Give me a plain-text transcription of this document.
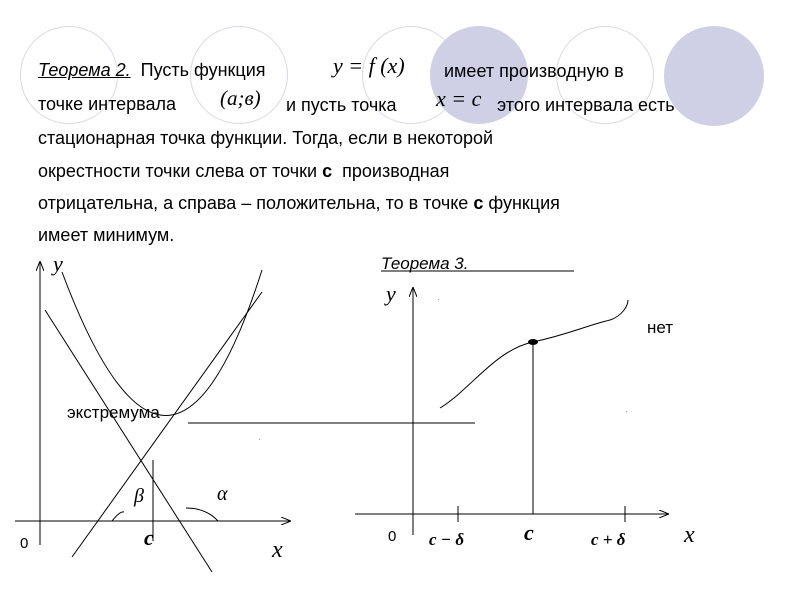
Теорема 2. Пусть функция	y = f (x) имеет производную в
точке интервала (a;в) и пусть точка x = c этого интервала есть
стационарная точка функции. Тогда, если в некоторой
окрестности точки слева от точки с производная
отрицательна, а справа – положительна, то в точке с функция
имеет минимум.
y
x
0	c
β	α
экстремума
.
Теорема 3.
y
x
0 c − δ	c	c + δ
нет
.
.
